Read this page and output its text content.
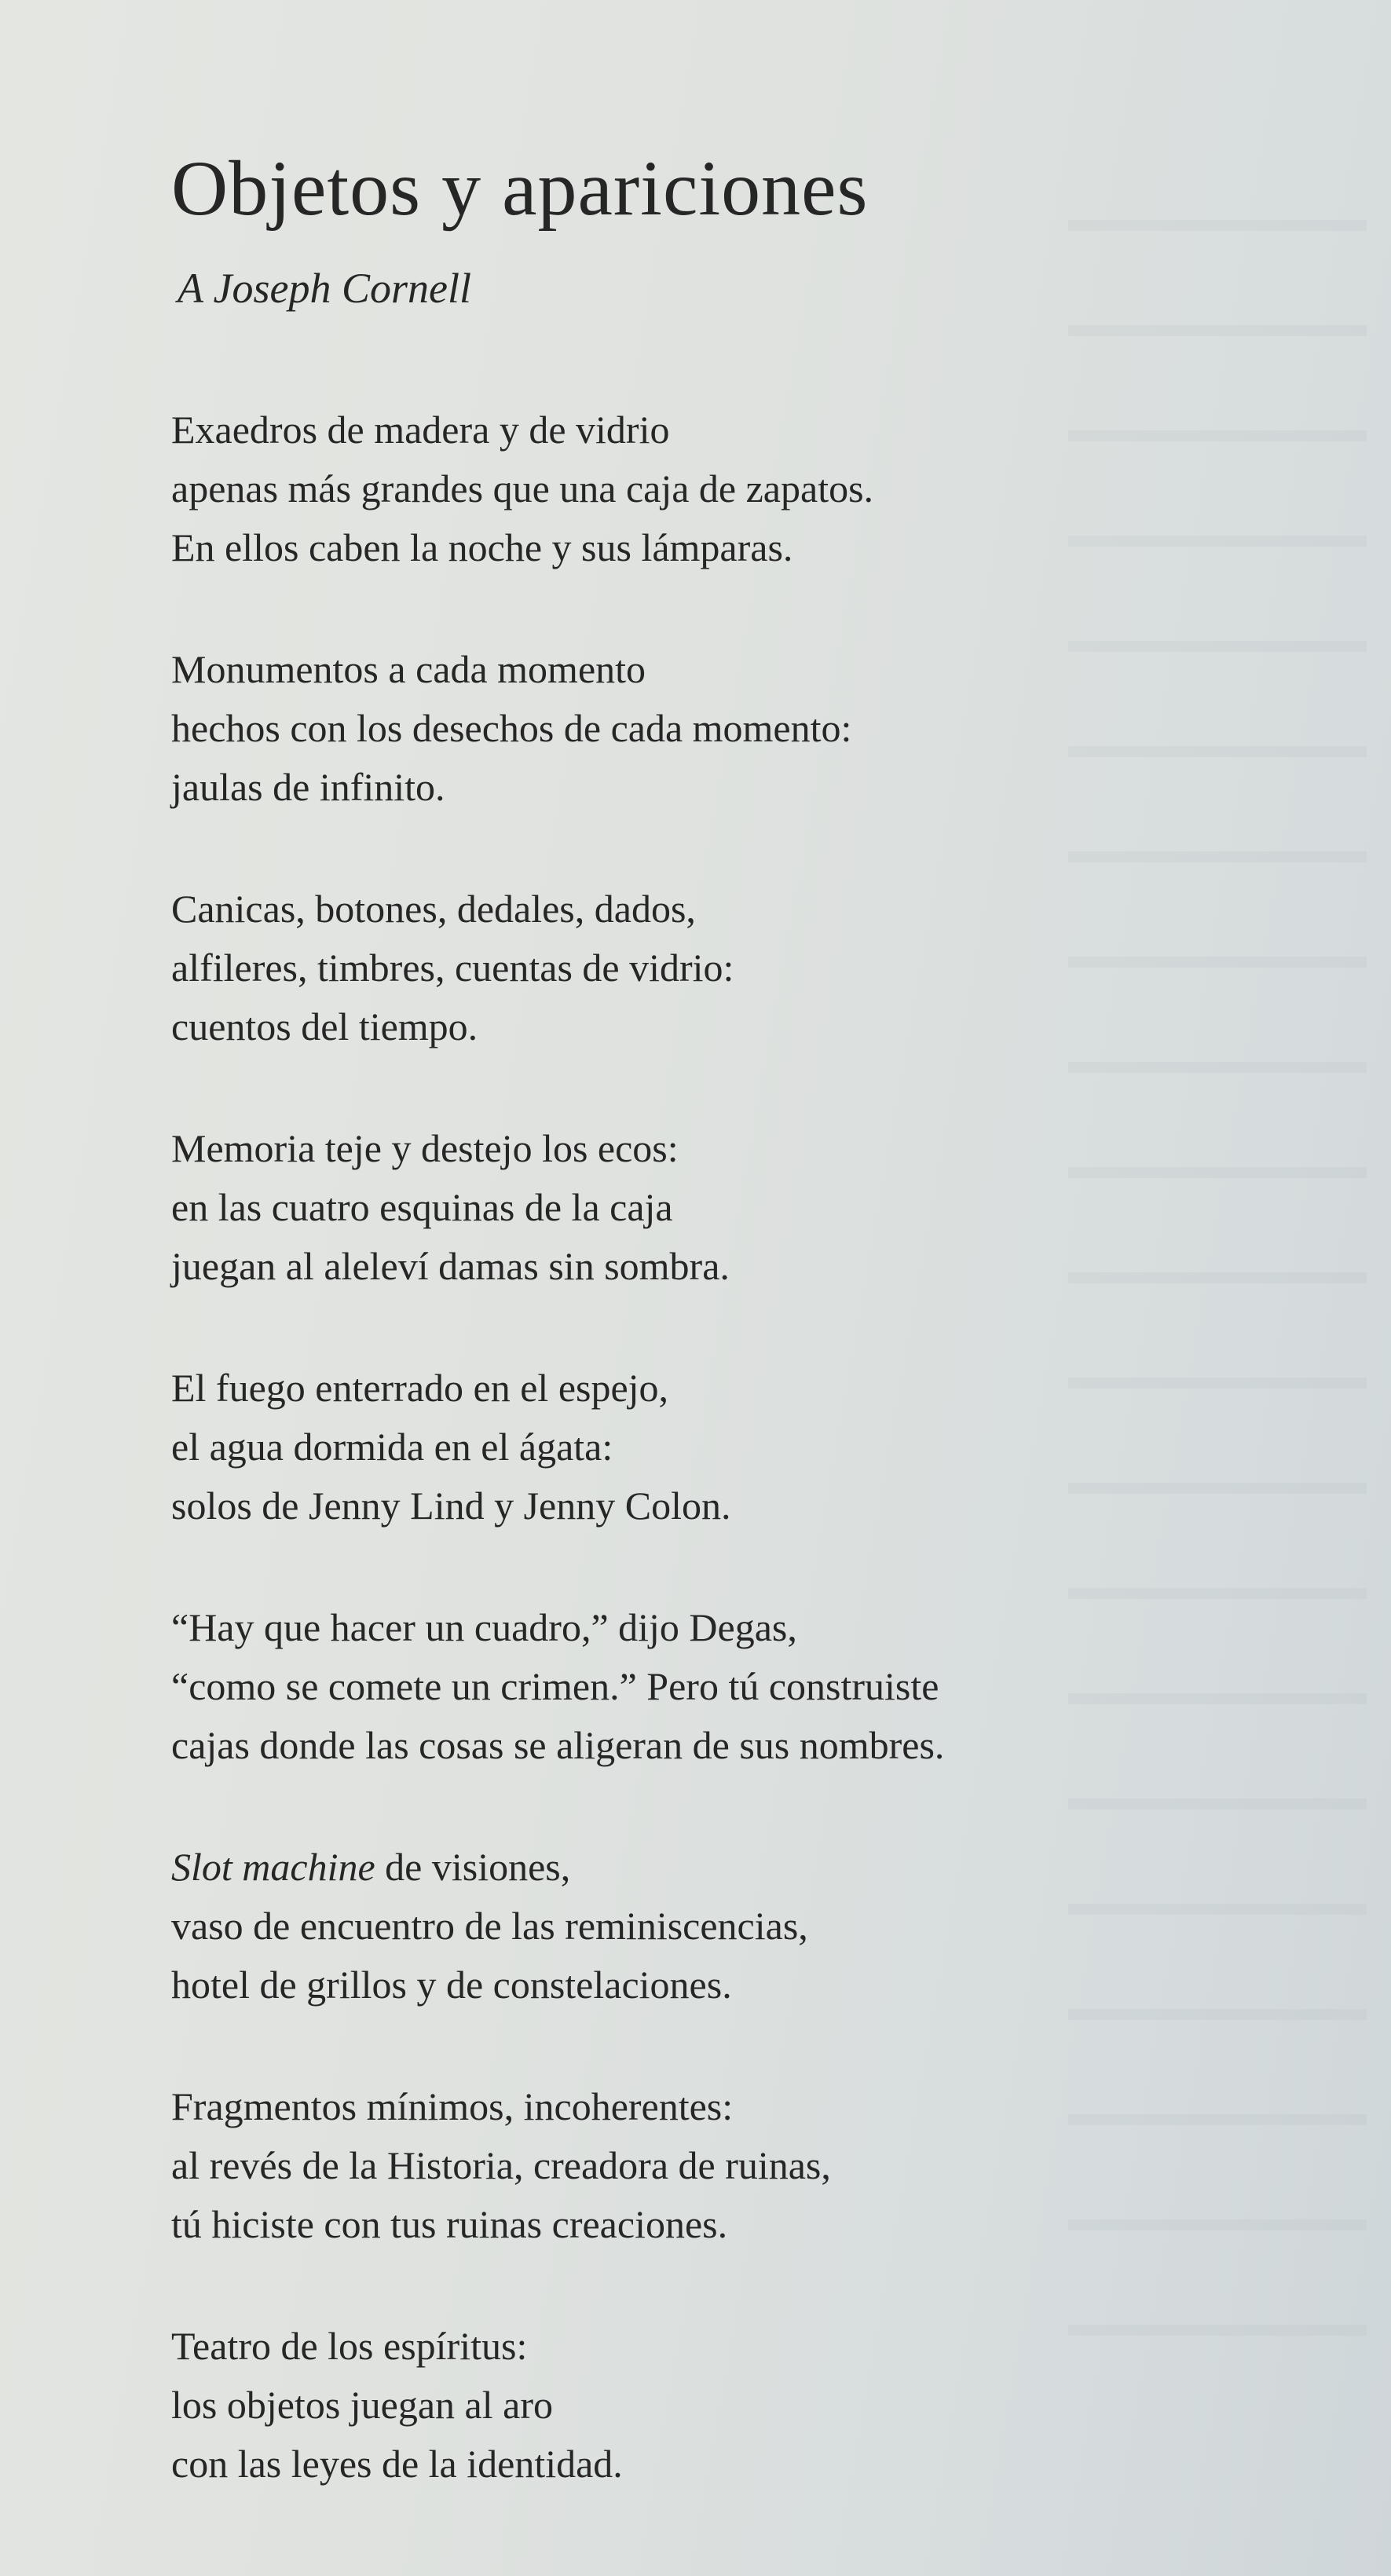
Objetos y apariciones
A Joseph Cornell
Exaedros de madera y de vidrio
apenas más grandes que una caja de zapatos.
En ellos caben la noche y sus lámparas.
Monumentos a cada momento
hechos con los desechos de cada momento:
jaulas de infinito.
Canicas, botones, dedales, dados,
alfileres, timbres, cuentas de vidrio:
cuentos del tiempo.
Memoria teje y destejo los ecos:
en las cuatro esquinas de la caja
juegan al aleleví damas sin sombra.
El fuego enterrado en el espejo,
el agua dormida en el ágata:
solos de Jenny Lind y Jenny Colon.
“Hay que hacer un cuadro,” dijo Degas,
“como se comete un crimen.” Pero tú construiste
cajas donde las cosas se aligeran de sus nombres.
Slot machine de visiones,
vaso de encuentro de las reminiscencias,
hotel de grillos y de constelaciones.
Fragmentos mínimos, incoherentes:
al revés de la Historia, creadora de ruinas,
tú hiciste con tus ruinas creaciones.
Teatro de los espíritus:
los objetos juegan al aro
con las leyes de la identidad.
